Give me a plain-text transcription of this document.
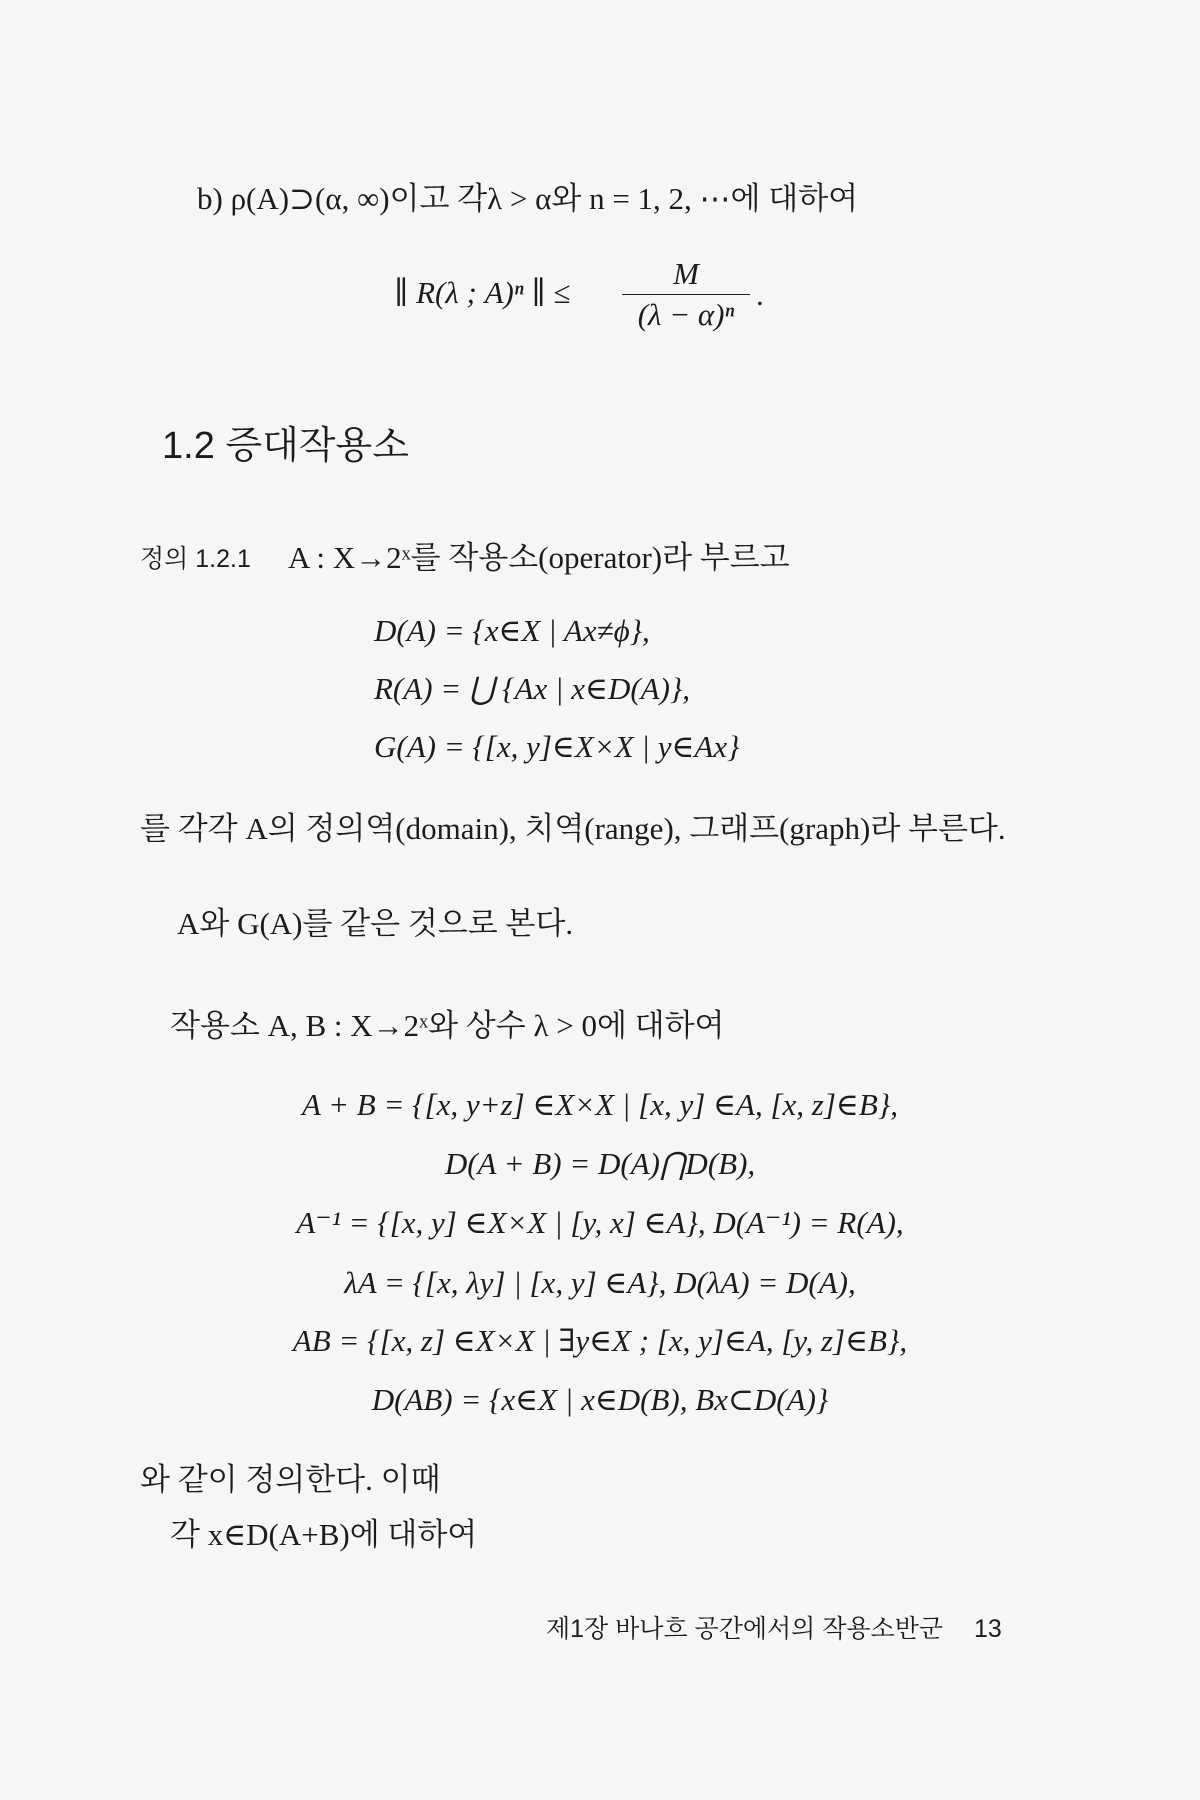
b) ρ(A)⊃(α, ∞)이고 각λ > α와 n = 1, 2, ⋯에 대하여
∥ R(λ ; A)ⁿ ∥ ≤
M
(λ − α)ⁿ
.
1.2 증대작용소
정의 1.2.1 A : X→2ˣ를 작용소(operator)라 부르고
D(A) = {x∈X | Ax≠ϕ},
R(A) = ⋃ {Ax | x∈D(A)},
G(A) = {[x, y]∈X×X | y∈Ax}
를 각각 A의 정의역(domain), 치역(range), 그래프(graph)라 부른다.
A와 G(A)를 같은 것으로 본다.
작용소 A, B : X→2ˣ와 상수 λ > 0에 대하여
A + B = {[x, y+z] ∈X×X | [x, y] ∈A, [x, z]∈B},
D(A + B) = D(A)⋂D(B),
A⁻¹ = {[x, y] ∈X×X | [y, x] ∈A}, D(A⁻¹) = R(A),
λA = {[x, λy] | [x, y] ∈A}, D(λA) = D(A),
AB = {[x, z] ∈X×X | ∃y∈X ; [x, y]∈A, [y, z]∈B},
D(AB) = {x∈X | x∈D(B), Bx⊂D(A)}
와 같이 정의한다. 이때
각 x∈D(A+B)에 대하여
제1장 바나흐 공간에서의 작용소반군 13
